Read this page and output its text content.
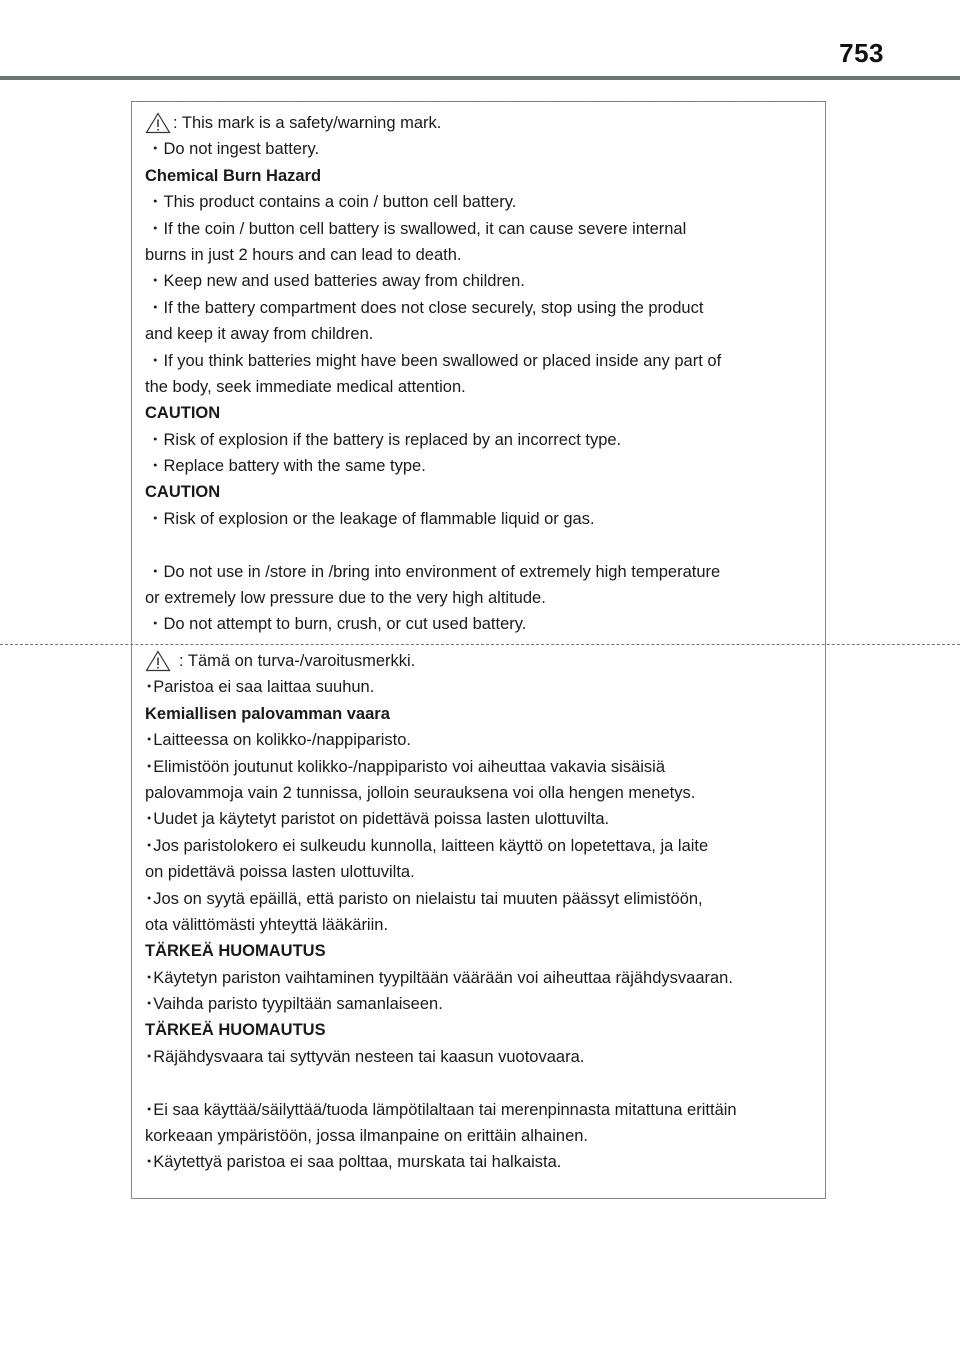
753
: This mark is a safety/warning mark.
・Do not ingest battery.
Chemical Burn Hazard
・This product contains a coin / button cell battery.
・If the coin / button cell battery is swallowed, it can cause severe internal
burns in just 2 hours and can lead to death.
・Keep new and used batteries away from children.
・If the battery compartment does not close securely, stop using the product
and keep it away from children.
・If you think batteries might have been swallowed or placed inside any part of
the body, seek immediate medical attention.
CAUTION
・Risk of explosion if the battery is replaced by an incorrect type.
・Replace battery with the same type.
CAUTION
・Risk of explosion or the leakage of flammable liquid or gas.
・Do not use in /store in /bring into environment of extremely high temperature
or extremely low pressure due to the very high altitude.
・Do not attempt to burn, crush, or cut used battery.
: Tämä on turva-/varoitusmerkki.
･Paristoa ei saa laittaa suuhun.
Kemiallisen palovamman vaara
･Laitteessa on kolikko-/nappiparisto.
･Elimistöön joutunut kolikko-/nappiparisto voi aiheuttaa vakavia sisäisiä
palovammoja vain 2 tunnissa, jolloin seurauksena voi olla hengen menetys.
･Uudet ja käytetyt paristot on pidettävä poissa lasten ulottuvilta.
･Jos paristolokero ei sulkeudu kunnolla, laitteen käyttö on lopetettava, ja laite
on pidettävä poissa lasten ulottuvilta.
･Jos on syytä epäillä, että paristo on nielaistu tai muuten päässyt elimistöön,
ota välittömästi yhteyttä lääkäriin.
TÄRKEÄ HUOMAUTUS
･Käytetyn pariston vaihtaminen tyypiltään väärään voi aiheuttaa räjähdysvaaran.
･Vaihda paristo tyypiltään samanlaiseen.
TÄRKEÄ HUOMAUTUS
･Räjähdysvaara tai syttyvän nesteen tai kaasun vuotovaara.
･Ei saa käyttää/säilyttää/tuoda lämpötilaltaan tai merenpinnasta mitattuna erittäin
korkeaan ympäristöön, jossa ilmanpaine on erittäin alhainen.
･Käytettyä paristoa ei saa polttaa, murskata tai halkaista.
